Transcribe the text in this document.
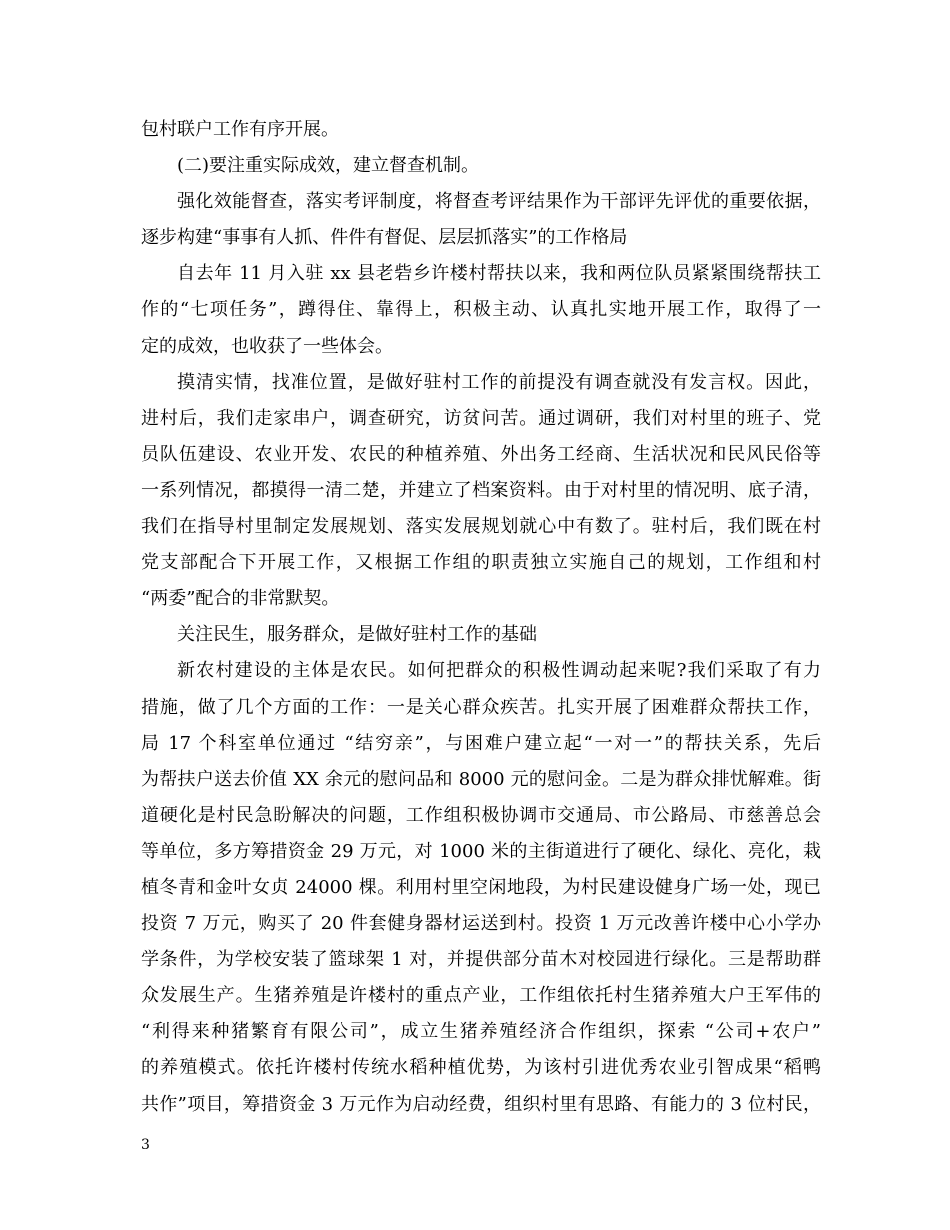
包村联户工作有序开展。
(二)要注重实际成效，建立督查机制。
强化效能督查，落实考评制度，将督查考评结果作为干部评先评优的重要依据，
逐步构建“事事有人抓、件件有督促、层层抓落实”的工作格局
自去年 11 月入驻 xx 县老砦乡许楼村帮扶以来，我和两位队员紧紧围绕帮扶工
作的“七项任务”，蹲得住、靠得上，积极主动、认真扎实地开展工作，取得了一
定的成效，也收获了一些体会。
摸清实情，找准位置，是做好驻村工作的前提没有调查就没有发言权。因此，
进村后，我们走家串户，调查研究，访贫问苦。通过调研，我们对村里的班子、党
员队伍建设、农业开发、农民的种植养殖、外出务工经商、生活状况和民风民俗等
一系列情况，都摸得一清二楚，并建立了档案资料。由于对村里的情况明、底子清，
我们在指导村里制定发展规划、落实发展规划就心中有数了。驻村后，我们既在村
党支部配合下开展工作，又根据工作组的职责独立实施自己的规划，工作组和村
“两委”配合的非常默契。
关注民生，服务群众，是做好驻村工作的基础
新农村建设的主体是农民。如何把群众的积极性调动起来呢?我们采取了有力
措施，做了几个方面的工作：一是关心群众疾苦。扎实开展了困难群众帮扶工作，
局 17 个科室单位通过 “结穷亲”，与困难户建立起“一对一”的帮扶关系，先后
为帮扶户送去价值 XX 余元的慰问品和 8000 元的慰问金。二是为群众排忧解难。街
道硬化是村民急盼解决的问题，工作组积极协调市交通局、市公路局、市慈善总会
等单位，多方筹措资金 29 万元，对 1000 米的主街道进行了硬化、绿化、亮化，栽
植冬青和金叶女贞 24000 棵。利用村里空闲地段，为村民建设健身广场一处，现已
投资 7 万元，购买了 20 件套健身器材运送到村。投资 1 万元改善许楼中心小学办
学条件，为学校安装了篮球架 1 对，并提供部分苗木对校园进行绿化。三是帮助群
众发展生产。生猪养殖是许楼村的重点产业，工作组依托村生猪养殖大户王军伟的
“利得来种猪繁育有限公司”，成立生猪养殖经济合作组织，探索 “公司+农户”
的养殖模式。依托许楼村传统水稻种植优势，为该村引进优秀农业引智成果“稻鸭
共作”项目，筹措资金 3 万元作为启动经费，组织村里有思路、有能力的 3 位村民，
3
